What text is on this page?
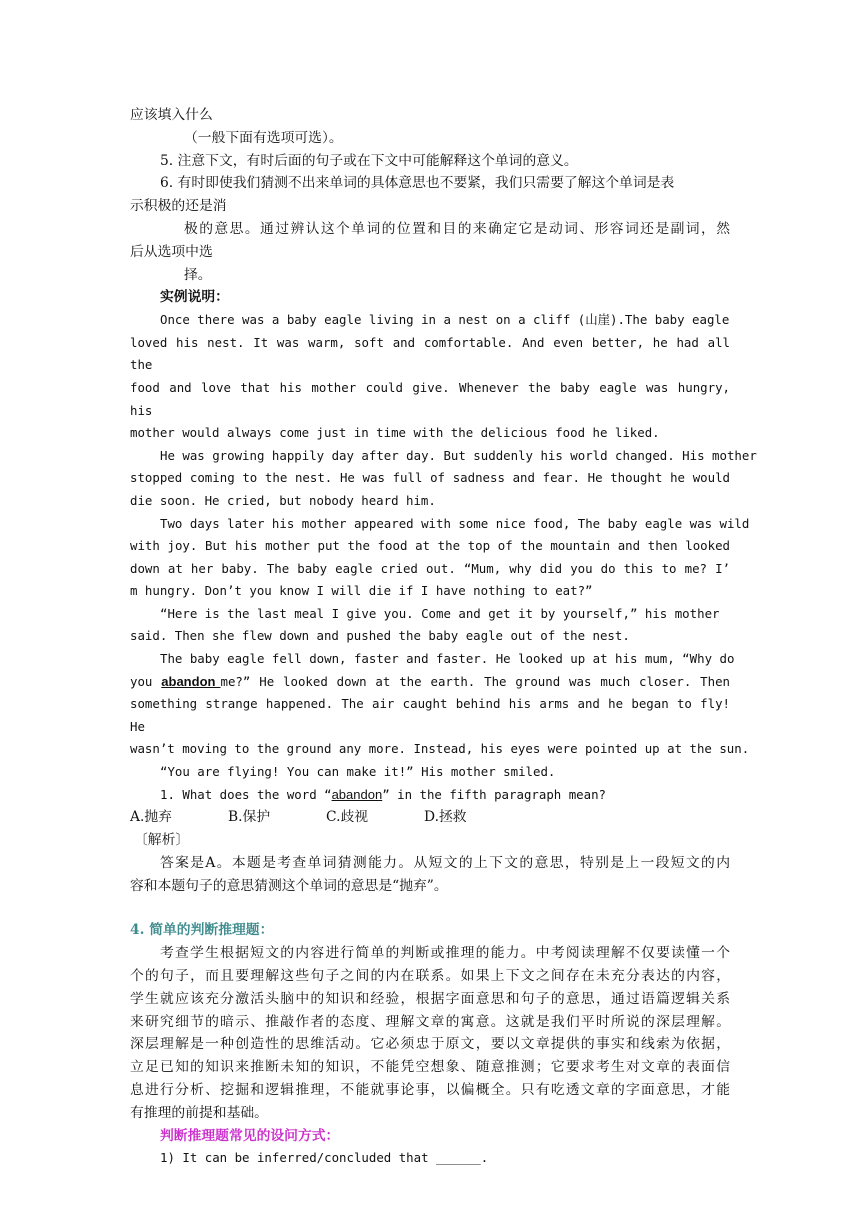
应该填入什么
（一般下面有选项可选）。
5. 注意下文，有时后面的句子或在下文中可能解释这个单词的意义。
6. 有时即使我们猜测不出来单词的具体意思也不要紧，我们只需要了解这个单词是表
示积极的还是消
极的意思。通过辨认这个单词的位置和目的来确定它是动词、形容词还是副词，然
后从选项中选
择。
实例说明：
Once there was a baby eagle living in a nest on a cliff (山崖).The baby eagle
loved his nest. It was warm, soft and comfortable. And even better, he had all the
food and love that his mother could give. Whenever the baby eagle was hungry, his
mother would always come just in time with the delicious food he liked.
He was growing happily day after day. But suddenly his world changed. His mother
stopped coming to the nest. He was full of sadness and fear. He thought he would
die soon. He cried, but nobody heard him.
Two days later his mother appeared with some nice food, The baby eagle was wild
with joy. But his mother put the food at the top of the mountain and then looked
down at her baby. The baby eagle cried out. “Mum, why did you do this to me? I’
m hungry. Don’t you know I will die if I have nothing to eat?”
“Here is the last meal I give you. Come and get it by yourself,” his mother
said. Then she flew down and pushed the baby eagle out of the nest.
The baby eagle fell down, faster and faster. He looked up at his mum, “Why do
you abandon me?” He looked down at the earth. The ground was much closer. Then
something strange happened. The air caught behind his arms and he began to fly! He
wasn’t moving to the ground any more. Instead, his eyes were pointed up at the sun.
“You are flying! You can make it!” His mother smiled.
1. What does the word “abandon” in the fifth paragraph mean?
A.抛弃	B.保护	C.歧视	D.拯救
〔解析〕
答案是A。本题是考查单词猜测能力。从短文的上下文的意思，特别是上一段短文的内
容和本题句子的意思猜测这个单词的意思是“抛弃”。
4. 简单的判断推理题：
考查学生根据短文的内容进行简单的判断或推理的能力。中考阅读理解不仅要读懂一个
个的句子，而且要理解这些句子之间的内在联系。如果上下文之间存在未充分表达的内容，
学生就应该充分激活头脑中的知识和经验，根据字面意思和句子的意思，通过语篇逻辑关系
来研究细节的暗示、推敲作者的态度、理解文章的寓意。这就是我们平时所说的深层理解。
深层理解是一种创造性的思维活动。它必须忠于原文，要以文章提供的事实和线索为依据，
立足已知的知识来推断未知的知识，不能凭空想象、随意推测；它要求考生对文章的表面信
息进行分析、挖掘和逻辑推理，不能就事论事，以偏概全。只有吃透文章的字面意思，才能
有推理的前提和基础。
判断推理题常见的设问方式：
1) It can be inferred/concluded that ______.
